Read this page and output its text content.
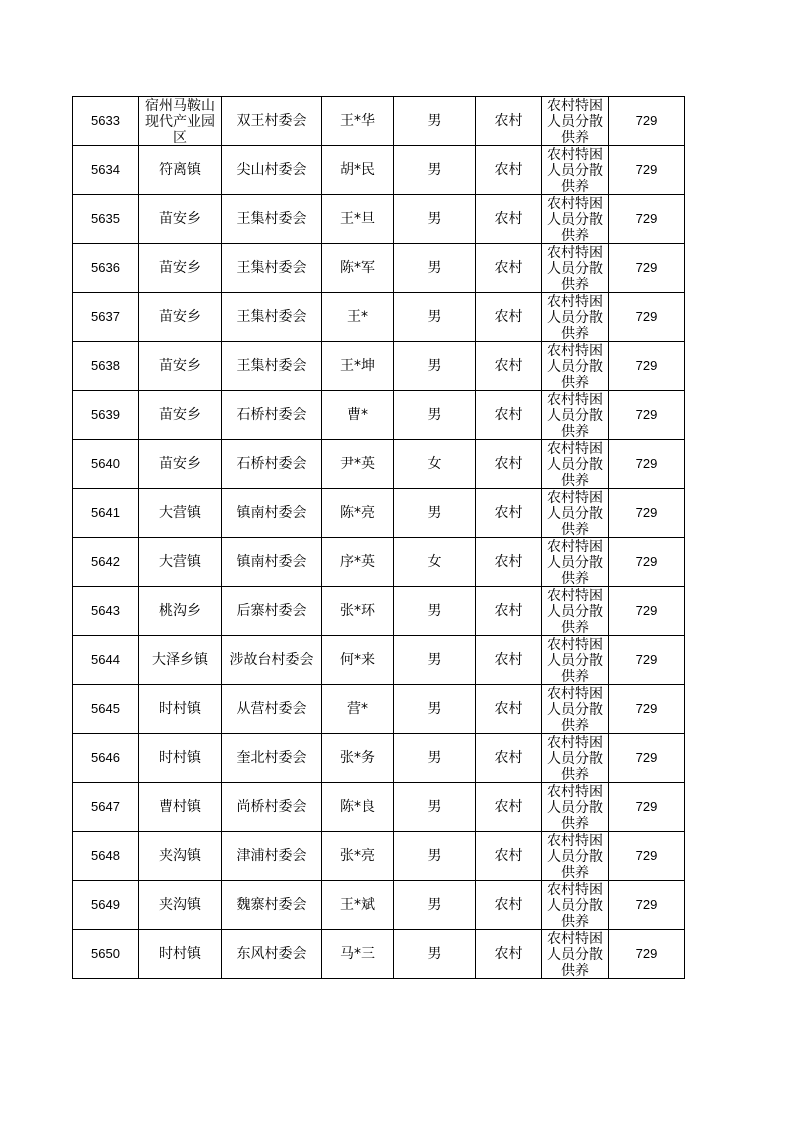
5633	宿州马鞍山
现代产业园
区	双王村委会	王*华	男	农村	农村特困
人员分散
供养	729
5634	符离镇	尖山村委会	胡*民	男	农村	农村特困
人员分散
供养	729
5635	苗安乡	王集村委会	王*旦	男	农村	农村特困
人员分散
供养	729
5636	苗安乡	王集村委会	陈*军	男	农村	农村特困
人员分散
供养	729
5637	苗安乡	王集村委会	王*	男	农村	农村特困
人员分散
供养	729
5638	苗安乡	王集村委会	王*坤	男	农村	农村特困
人员分散
供养	729
5639	苗安乡	石桥村委会	曹*	男	农村	农村特困
人员分散
供养	729
5640	苗安乡	石桥村委会	尹*英	女	农村	农村特困
人员分散
供养	729
5641	大营镇	镇南村委会	陈*亮	男	农村	农村特困
人员分散
供养	729
5642	大营镇	镇南村委会	序*英	女	农村	农村特困
人员分散
供养	729
5643	桃沟乡	后寨村委会	张*环	男	农村	农村特困
人员分散
供养	729
5644	大泽乡镇	涉故台村委会	何*来	男	农村	农村特困
人员分散
供养	729
5645	时村镇	从营村委会	营*	男	农村	农村特困
人员分散
供养	729
5646	时村镇	奎北村委会	张*务	男	农村	农村特困
人员分散
供养	729
5647	曹村镇	尚桥村委会	陈*良	男	农村	农村特困
人员分散
供养	729
5648	夹沟镇	津浦村委会	张*亮	男	农村	农村特困
人员分散
供养	729
5649	夹沟镇	魏寨村委会	王*斌	男	农村	农村特困
人员分散
供养	729
5650	时村镇	东风村委会	马*三	男	农村	农村特困
人员分散
供养	729
